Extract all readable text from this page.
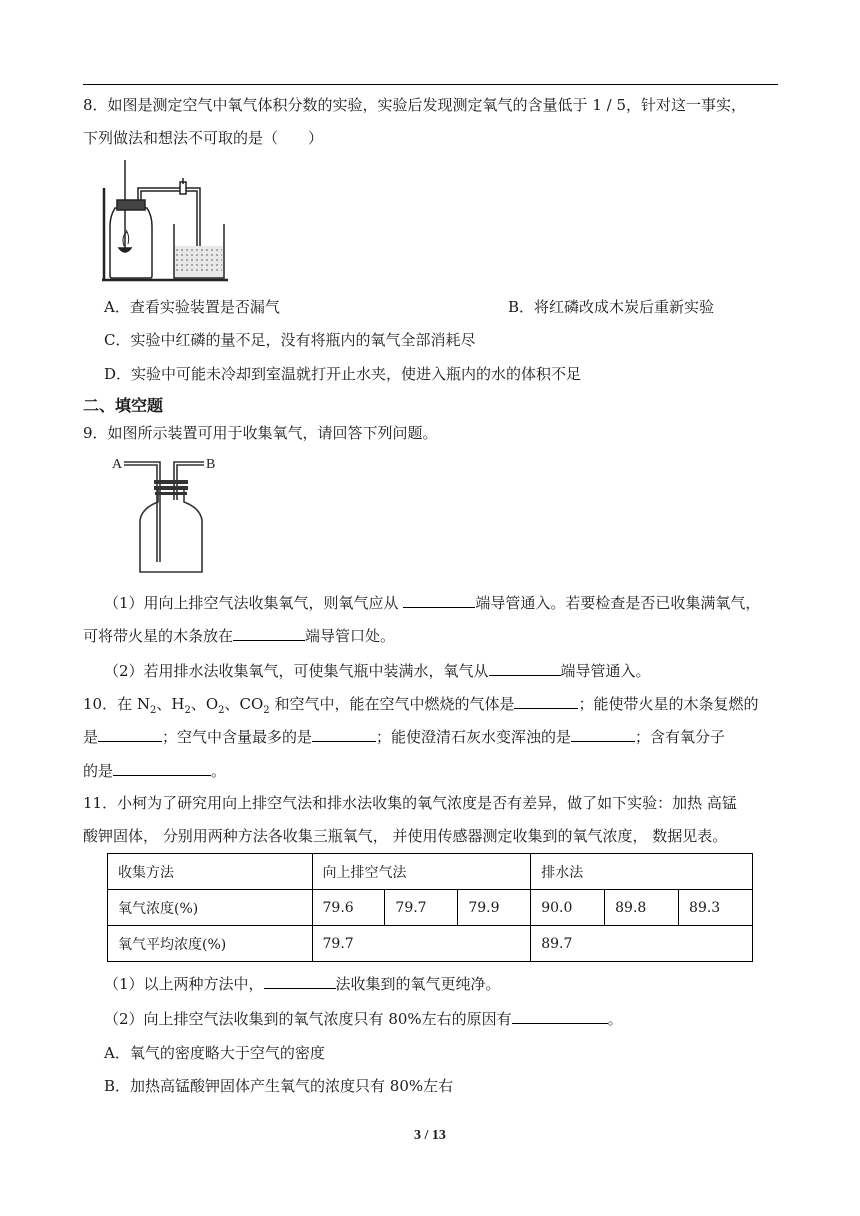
8．如图是测定空气中氧气体积分数的实验，实验后发现测定氧气的含量低于 1 / 5，针对这一事实，
下列做法和想法不可取的是（　　）
A．查看实验装置是否漏气	B．将红磷改成木炭后重新实验
C．实验中红磷的量不足，没有将瓶内的氧气全部消耗尽
D．实验中可能未冷却到室温就打开止水夹，使进入瓶内的水的体积不足
二、填空题
9．如图所示装置可用于收集氧气，请回答下列问题。
A	B
（1）用向上排空气法收集氧气，则氧气应从	端导管通入。若要检查是否已收集满氧气，
可将带火星的木条放在	端导管口处。
（2）若用排水法收集氧气，可使集气瓶中装满水，氧气从	端导管通入。
10．在 $N_2$、$H_2$、$O_2$、$CO_2$ 和空气中，能在空气中燃烧的气体是	；能使带火星的木条复燃的
是	；空气中含量最多的是	；能使澄清石灰水变浑浊的是	；含有氧分子
的是	。
11．小柯为了研究用向上排空气法和排水法收集的氧气浓度是否有差异，做了如下实验：加热 高锰
酸钾固体， 分别用两种方法各收集三瓶氧气， 并使用传感器测定收集到的氧气浓度， 数据见表。
收集方法	向上排空气法			排水法		
氧气浓度(%)	79.6	79.7	79.9	90.0	89.8	89.3
氧气平均浓度(%)	79.7			89.7		
（1）以上两种方法中，	法收集到的氧气更纯净。
（2）向上排空气法收集到的氧气浓度只有 80%左右的原因有	。
A．氧气的密度略大于空气的密度
B．加热高锰酸钾固体产生氧气的浓度只有 80%左右
3 / 13
